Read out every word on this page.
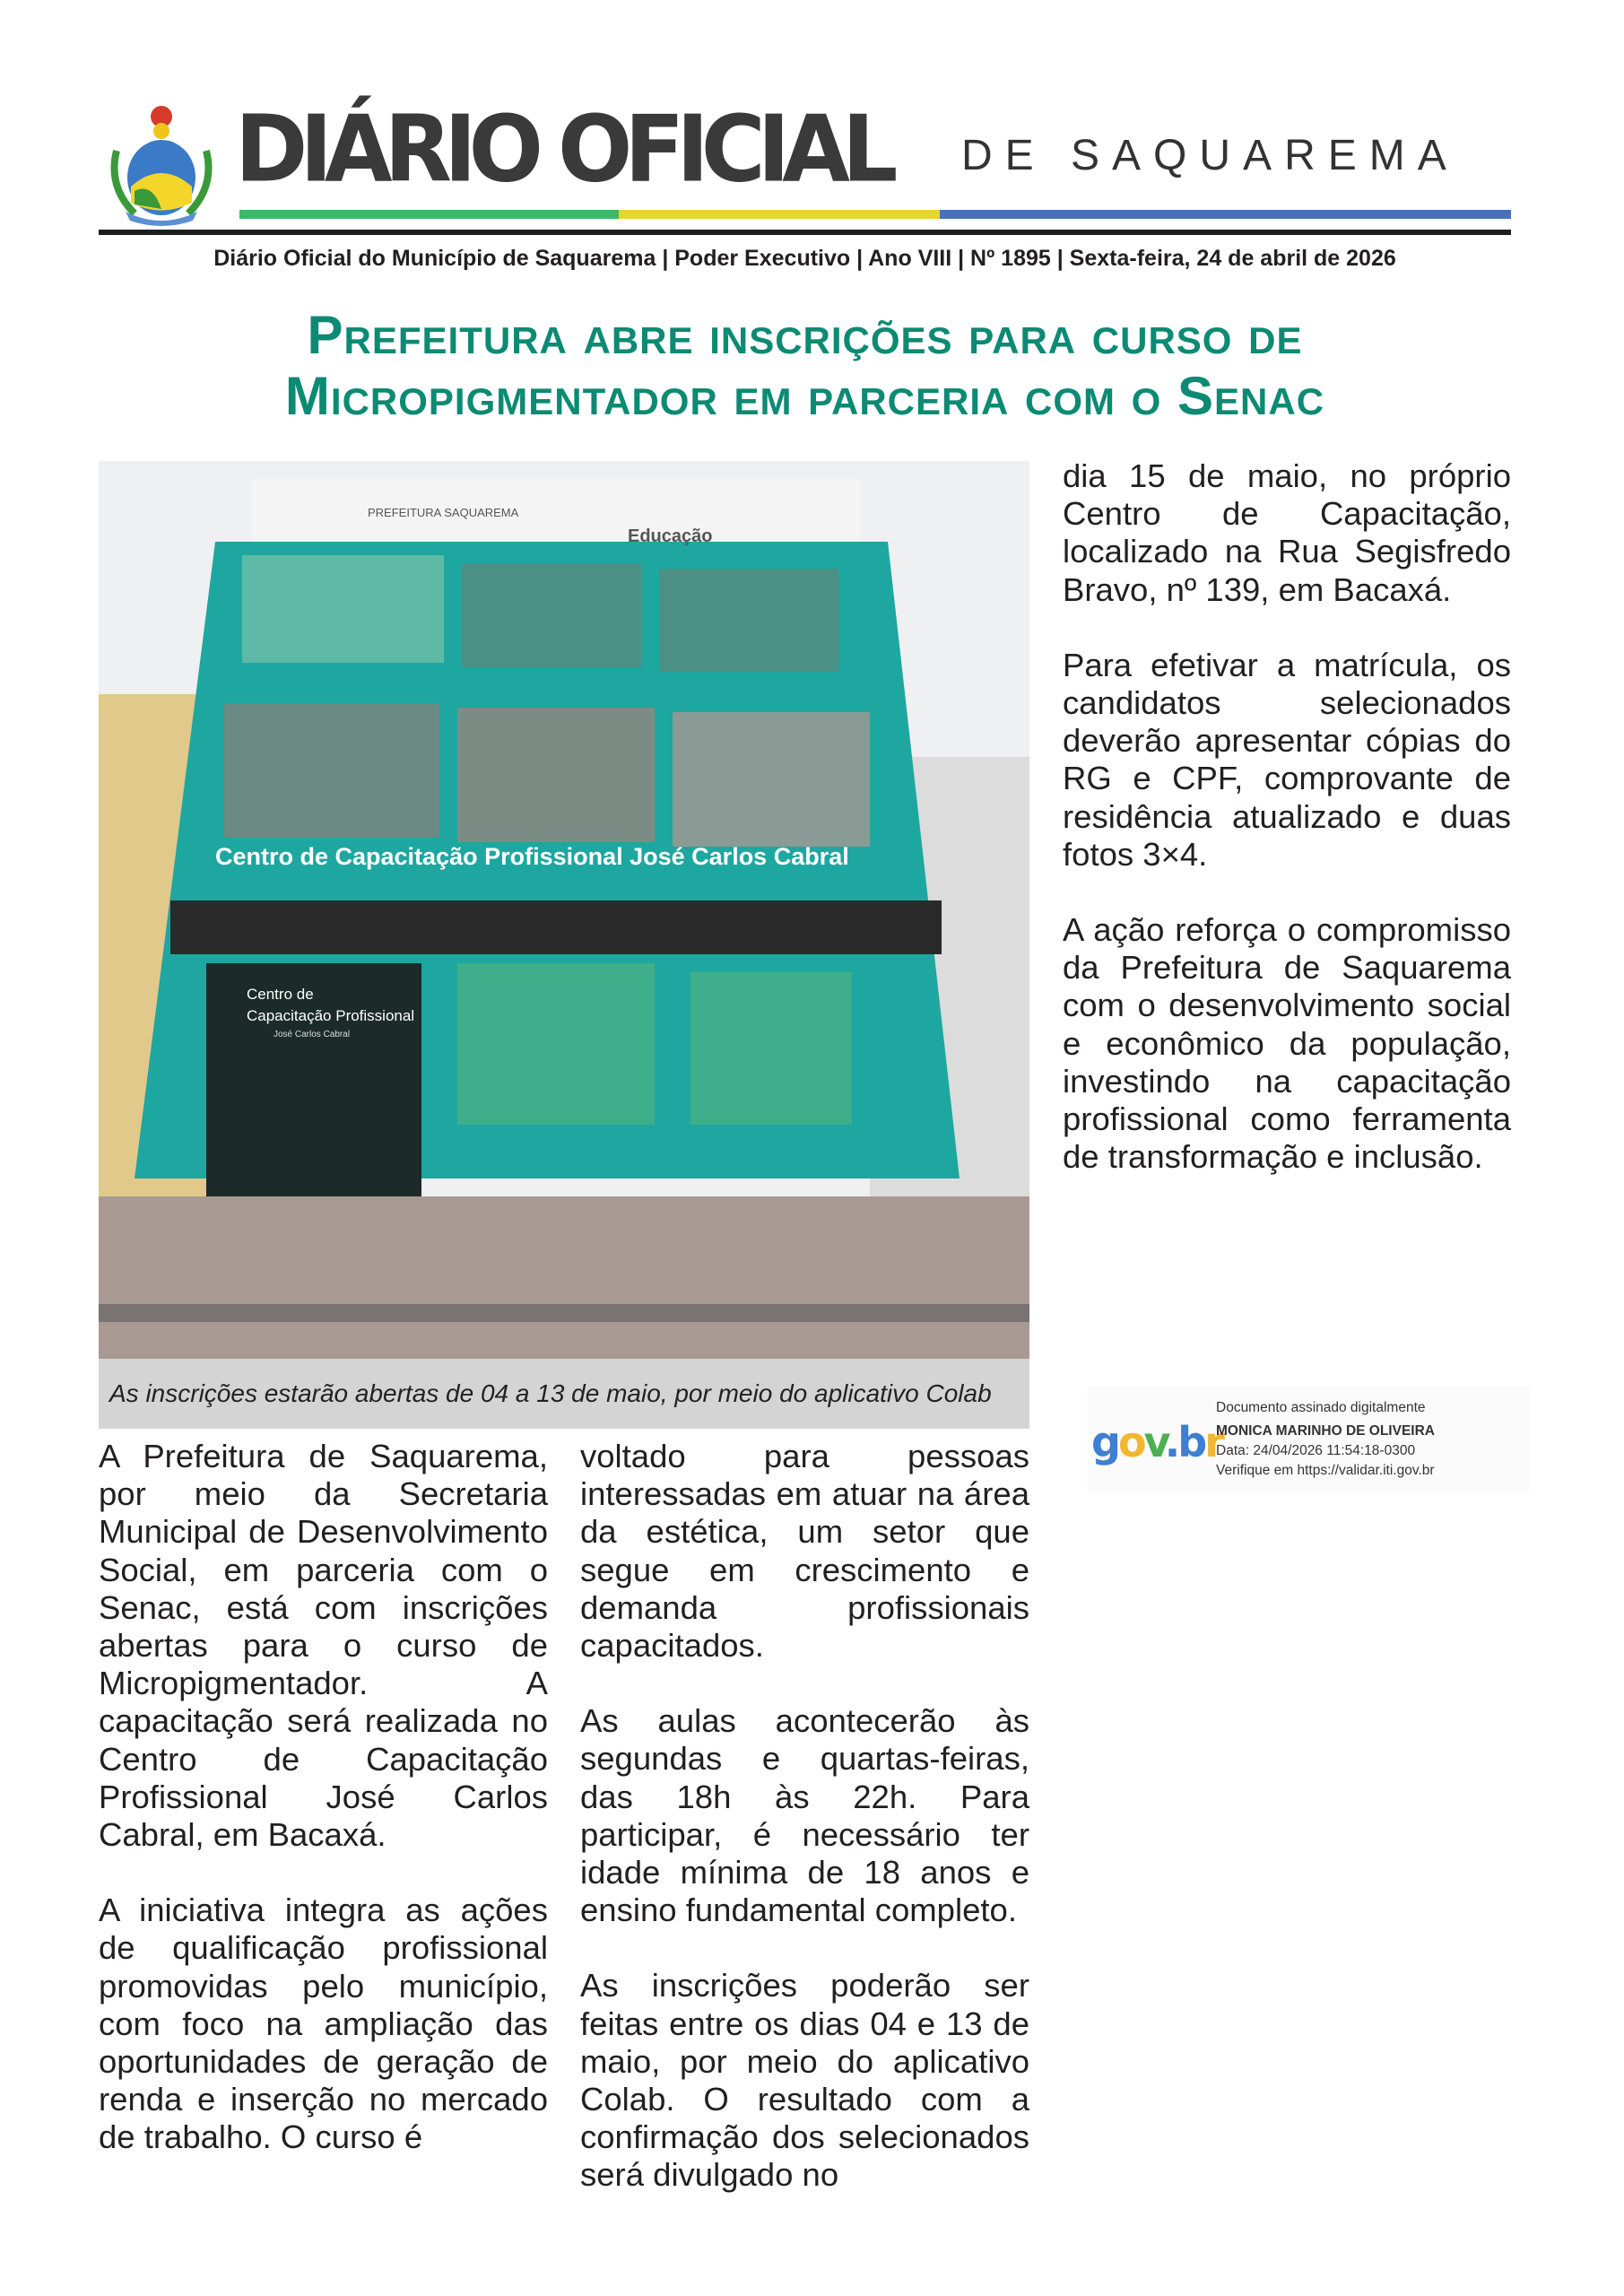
DIÁRIO OFICIAL DE SAQUAREMA
Diário Oficial do Município de Saquarema | Poder Executivo | Ano VIII | Nº 1895 | Sexta-feira, 24 de abril de 2026
Prefeitura abre inscrições para curso de
Micropigmentador em parceria com o Senac
Centro de Capacitação Profissional José Carlos Cabral
PREFEITURA SAQUAREMA
Educação
Centro de
Capacitação Profissional
José Carlos Cabral
As inscrições estarão abertas de 04 a 13 de maio, por meio do aplicativo Colab

A Prefeitura de Saquarema, por meio da Secretaria Municipal de Desenvolvimento Social, em parceria com o Senac, está com inscrições abertas para o curso de Micropigmentador. A capacitação será realizada no Centro de Capacitação Profissional José Carlos Cabral, em Bacaxá.

A iniciativa integra as ações de qualificação profissional promovidas pelo município, com foco na ampliação das oportunidades de geração de renda e inserção no mercado de trabalho. O curso é

voltado para pessoas interessadas em atuar na área da estética, um setor que segue em crescimento e demanda profissionais capacitados.

As aulas acontecerão às segundas e quartas-feiras, das 18h às 22h. Para participar, é necessário ter idade mínima de 18 anos e ensino fundamental completo.

As inscrições poderão ser feitas entre os dias 04 e 13 de maio, por meio do aplicativo Colab. O resultado com a confirmação dos selecionados será divulgado no

dia 15 de maio, no próprio Centro de Capacitação, localizado na Rua Segisfredo Bravo, nº 139, em Bacaxá.

Para efetivar a matrícula, os candidatos selecionados deverão apresentar cópias do RG e CPF, comprovante de residência atualizado e duas fotos 3×4.

A ação reforça o compromisso da Prefeitura de Saquarema com o desenvolvimento social e econômico da população, investindo na capacitação profissional como ferramenta de transformação e inclusão.

gov.br
Documento assinado digitalmente
MONICA MARINHO DE OLIVEIRA
Data: 24/04/2026 11:54:18-0300
Verifique em https://validar.iti.gov.br
